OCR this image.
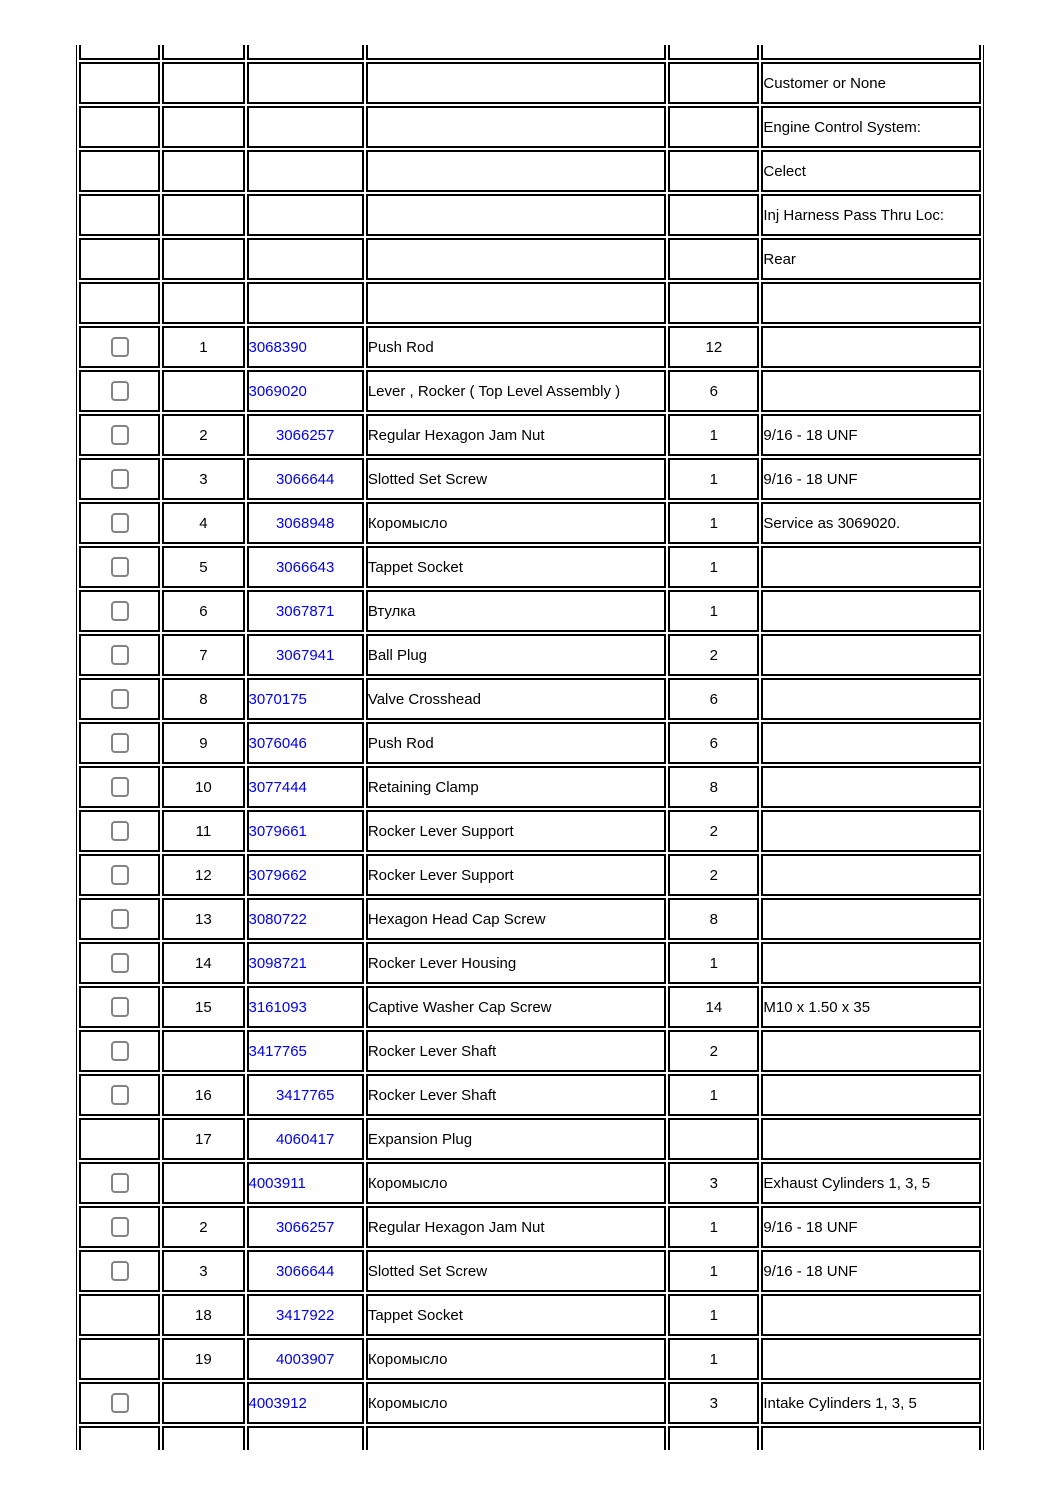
					Customer or None
					Engine Control System:
					Celect
					Inj Harness Pass Thru Loc:
					Rear

	1	3068390	Push Rod	12	
		3069020	Lever , Rocker ( Top Level Assembly )	6	
	2	3066257	Regular Hexagon Jam Nut	1	9/16 - 18 UNF
	3	3066644	Slotted Set Screw	1	9/16 - 18 UNF
	4	3068948	Коромысло	1	Service as 3069020.
	5	3066643	Tappet Socket	1	
	6	3067871	Втулка	1	
	7	3067941	Ball Plug	2	
	8	3070175	Valve Crosshead	6	
	9	3076046	Push Rod	6	
	10	3077444	Retaining Clamp	8	
	11	3079661	Rocker Lever Support	2	
	12	3079662	Rocker Lever Support	2	
	13	3080722	Hexagon Head Cap Screw	8	
	14	3098721	Rocker Lever Housing	1	
	15	3161093	Captive Washer Cap Screw	14	M10 x 1.50 x 35
		3417765	Rocker Lever Shaft	2	
	16	3417765	Rocker Lever Shaft	1	
	17	4060417	Expansion Plug		
		4003911	Коромысло	3	Exhaust Cylinders 1, 3, 5
	2	3066257	Regular Hexagon Jam Nut	1	9/16 - 18 UNF
	3	3066644	Slotted Set Screw	1	9/16 - 18 UNF
	18	3417922	Tappet Socket	1	
	19	4003907	Коромысло	1	
		4003912	Коромысло	3	Intake Cylinders 1, 3, 5
